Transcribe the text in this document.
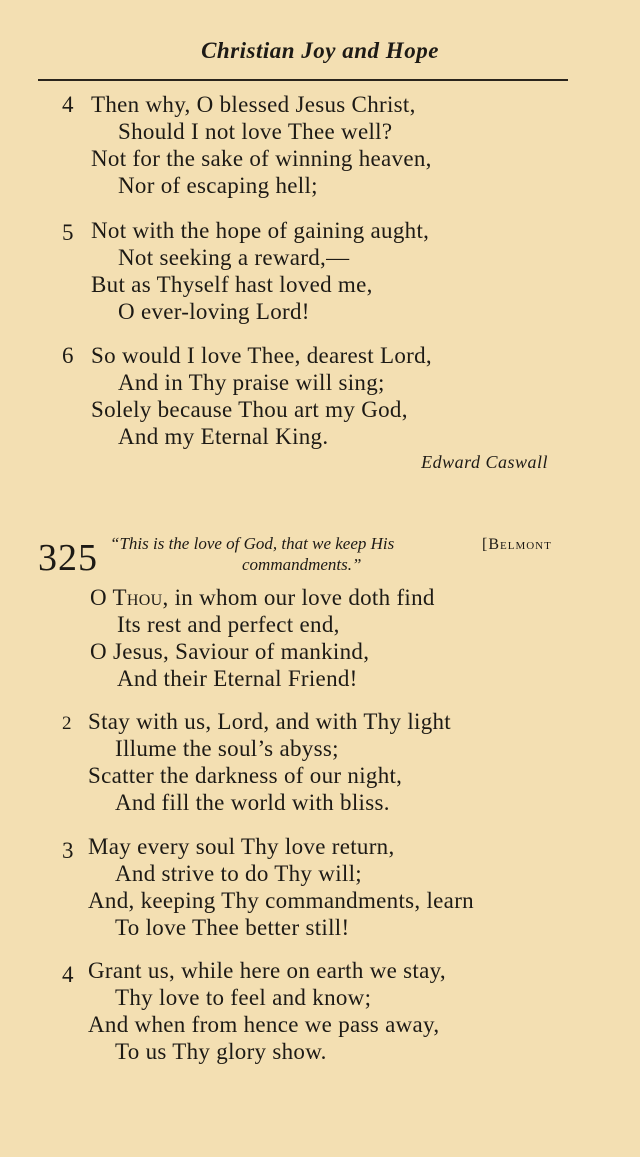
Christian Joy and Hope
4 Then why, O blessed Jesus Christ,
Should I not love Thee well?
Not for the sake of winning heaven,
Nor of escaping hell;
5 Not with the hope of gaining aught,
Not seeking a reward,—
But as Thyself hast loved me,
O ever-loving Lord!
6 So would I love Thee, dearest Lord,
And in Thy praise will sing;
Solely because Thou art my God,
And my Eternal King.
Edward Caswall
325 “This is the love of God, that we keep His
commandments.”
[Belmont
O Thou, in whom our love doth find
Its rest and perfect end,
O Jesus, Saviour of mankind,
And their Eternal Friend!
2 Stay with us, Lord, and with Thy light
Illume the soul’s abyss;
Scatter the darkness of our night,
And fill the world with bliss.
3 May every soul Thy love return,
And strive to do Thy will;
And, keeping Thy commandments, learn
To love Thee better still!
4 Grant us, while here on earth we stay,
Thy love to feel and know;
And when from hence we pass away,
To us Thy glory show.
